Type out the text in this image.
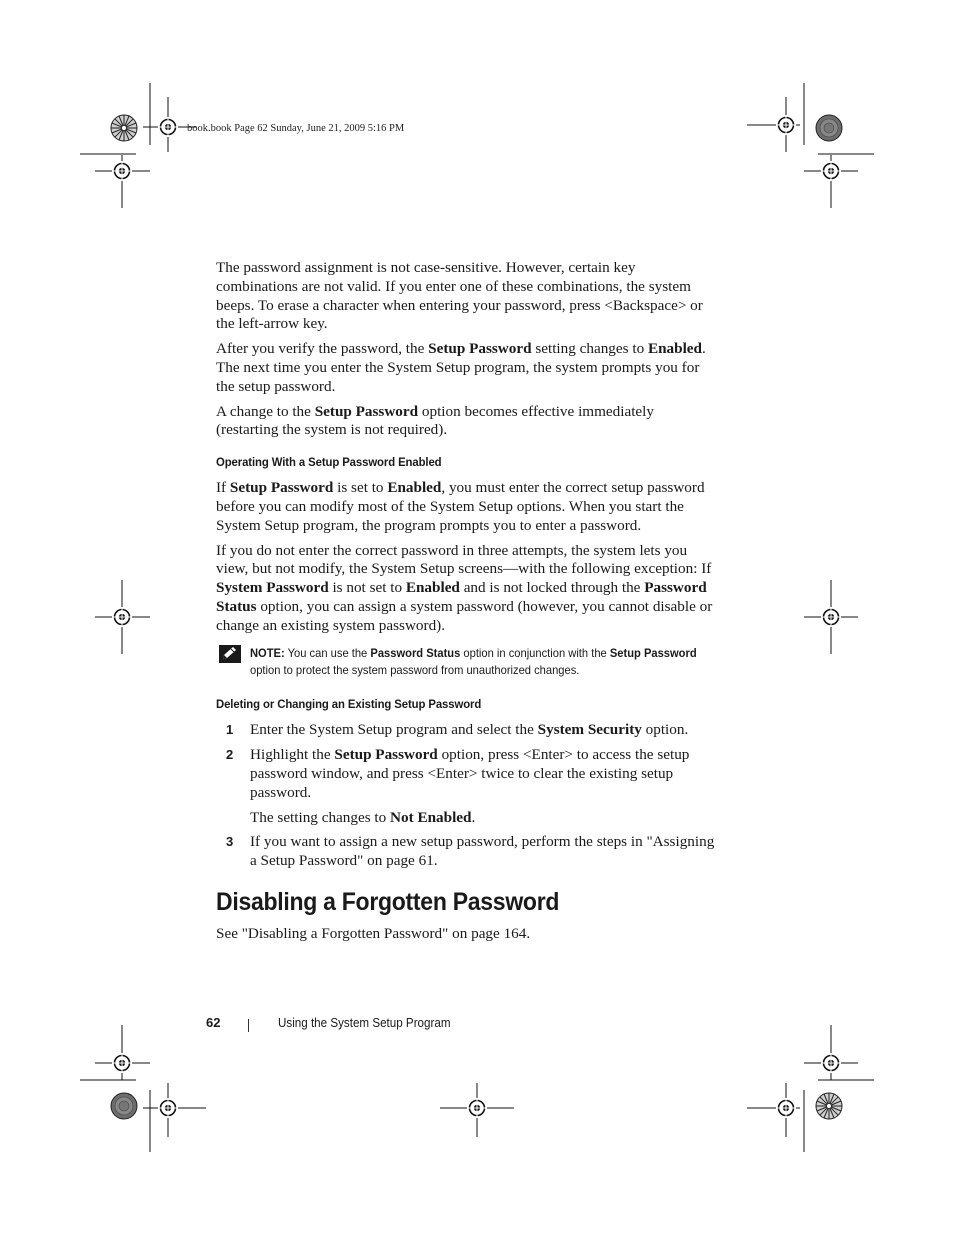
book.book Page 62 Sunday, June 21, 2009 5:16 PM

The password assignment is not case-sensitive. However, certain key combinations are not valid. If you enter one of these combinations, the system beeps. To erase a character when entering your password, press <Backspace> or the left-arrow key.

After you verify the password, the Setup Password setting changes to Enabled. The next time you enter the System Setup program, the system prompts you for the setup password.

A change to the Setup Password option becomes effective immediately (restarting the system is not required).

Operating With a Setup Password Enabled

If Setup Password is set to Enabled, you must enter the correct setup password before you can modify most of the System Setup options. When you start the System Setup program, the program prompts you to enter a password.

If you do not enter the correct password in three attempts, the system lets you view, but not modify, the System Setup screens—with the following exception: If System Password is not set to Enabled and is not locked through the Password Status option, you can assign a system password (however, you cannot disable or change an existing system password).

NOTE: You can use the Password Status option in conjunction with the Setup Password option to protect the system password from unauthorized changes.
Deleting or Changing an Existing Setup Password
1 Enter the System Setup program and select the System Security option.

2 Highlight the Setup Password option, press <Enter> to access the setup password window, and press <Enter> twice to clear the existing setup password.

The setting changes to Not Enabled.

3 If you want to assign a new setup password, perform the steps in "Assigning a Setup Password" on page 61.

Disabling a Forgotten Password

See "Disabling a Forgotten Password" on page 164.

62	Using the System Setup Program
